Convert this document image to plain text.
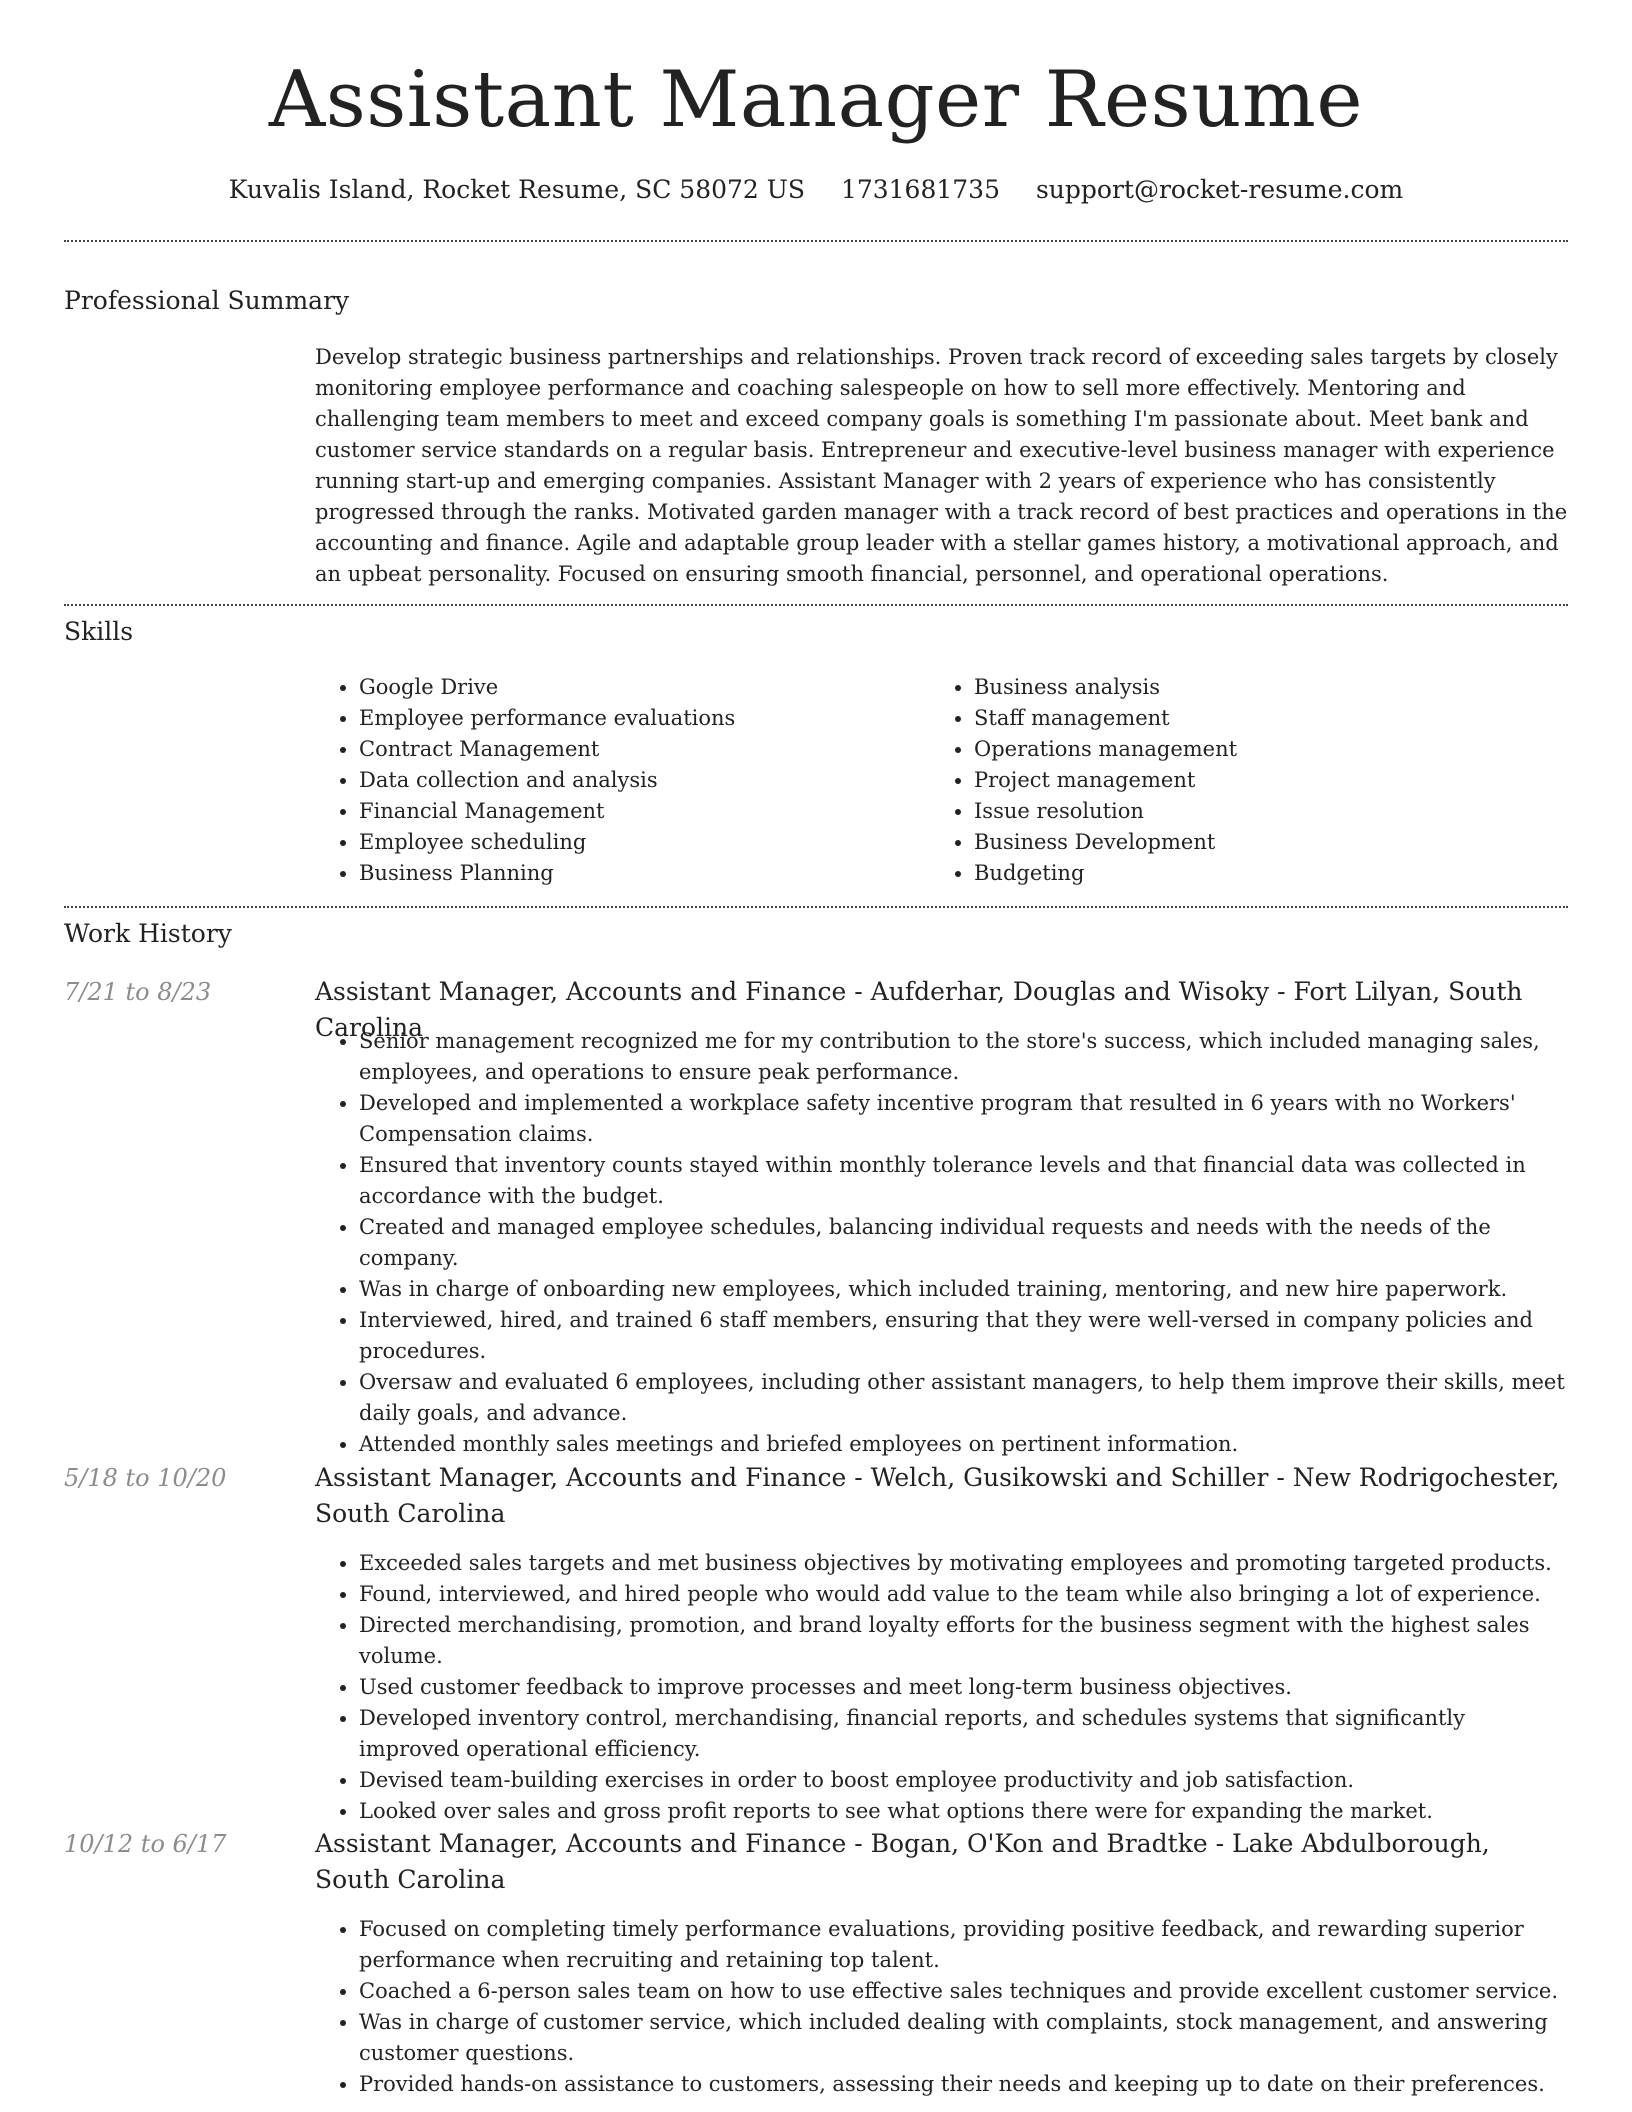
Assistant Manager Resume
Kuvalis Island, Rocket Resume, SC 58072 US 1731681735 support@rocket-resume.com
Professional Summary

Develop strategic business partnerships and relationships. Proven track record of exceeding sales targets by closely monitoring employee performance and coaching salespeople on how to sell more effectively. Mentoring and challenging team members to meet and exceed company goals is something I'm passionate about. Meet bank and customer service standards on a regular basis. Entrepreneur and executive-level business manager with experience running start-up and emerging companies. Assistant Manager with 2 years of experience who has consistently progressed through the ranks. Motivated garden manager with a track record of best practices and operations in the accounting and finance. Agile and adaptable group leader with a stellar games history, a motivational approach, and an upbeat personality. Focused on ensuring smooth financial, personnel, and operational operations.

Skills
• Google Drive
• Employee performance evaluations
• Contract Management
• Data collection and analysis
• Financial Management
• Employee scheduling
• Business Planning
• Business analysis
• Staff management
• Operations management
• Project management
• Issue resolution
• Business Development
• Budgeting
Work History
7/21 to 8/23	Assistant Manager, Accounts and Finance - Aufderhar, Douglas and Wisoky - Fort Lilyan, South Carolina
• Senior management recognized me for my contribution to the store's success, which included managing sales, employees, and operations to ensure peak performance.
• Developed and implemented a workplace safety incentive program that resulted in 6 years with no Workers' Compensation claims.
• Ensured that inventory counts stayed within monthly tolerance levels and that financial data was collected in accordance with the budget.
• Created and managed employee schedules, balancing individual requests and needs with the needs of the company.
• Was in charge of onboarding new employees, which included training, mentoring, and new hire paperwork.
• Interviewed, hired, and trained 6 staff members, ensuring that they were well-versed in company policies and procedures.
• Oversaw and evaluated 6 employees, including other assistant managers, to help them improve their skills, meet daily goals, and advance.
• Attended monthly sales meetings and briefed employees on pertinent information.
5/18 to 10/20	Assistant Manager, Accounts and Finance - Welch, Gusikowski and Schiller - New Rodrigochester, South Carolina
• Exceeded sales targets and met business objectives by motivating employees and promoting targeted products.
• Found, interviewed, and hired people who would add value to the team while also bringing a lot of experience.
• Directed merchandising, promotion, and brand loyalty efforts for the business segment with the highest sales volume.
• Used customer feedback to improve processes and meet long-term business objectives.
• Developed inventory control, merchandising, financial reports, and schedules systems that significantly improved operational efficiency.
• Devised team-building exercises in order to boost employee productivity and job satisfaction.
• Looked over sales and gross profit reports to see what options there were for expanding the market.
10/12 to 6/17	Assistant Manager, Accounts and Finance - Bogan, O'Kon and Bradtke - Lake Abdulborough, South Carolina
• Focused on completing timely performance evaluations, providing positive feedback, and rewarding superior performance when recruiting and retaining top talent.
• Coached a 6-person sales team on how to use effective sales techniques and provide excellent customer service.
• Was in charge of customer service, which included dealing with complaints, stock management, and answering customer questions.
• Provided hands-on assistance to customers, assessing their needs and keeping up to date on their preferences.
